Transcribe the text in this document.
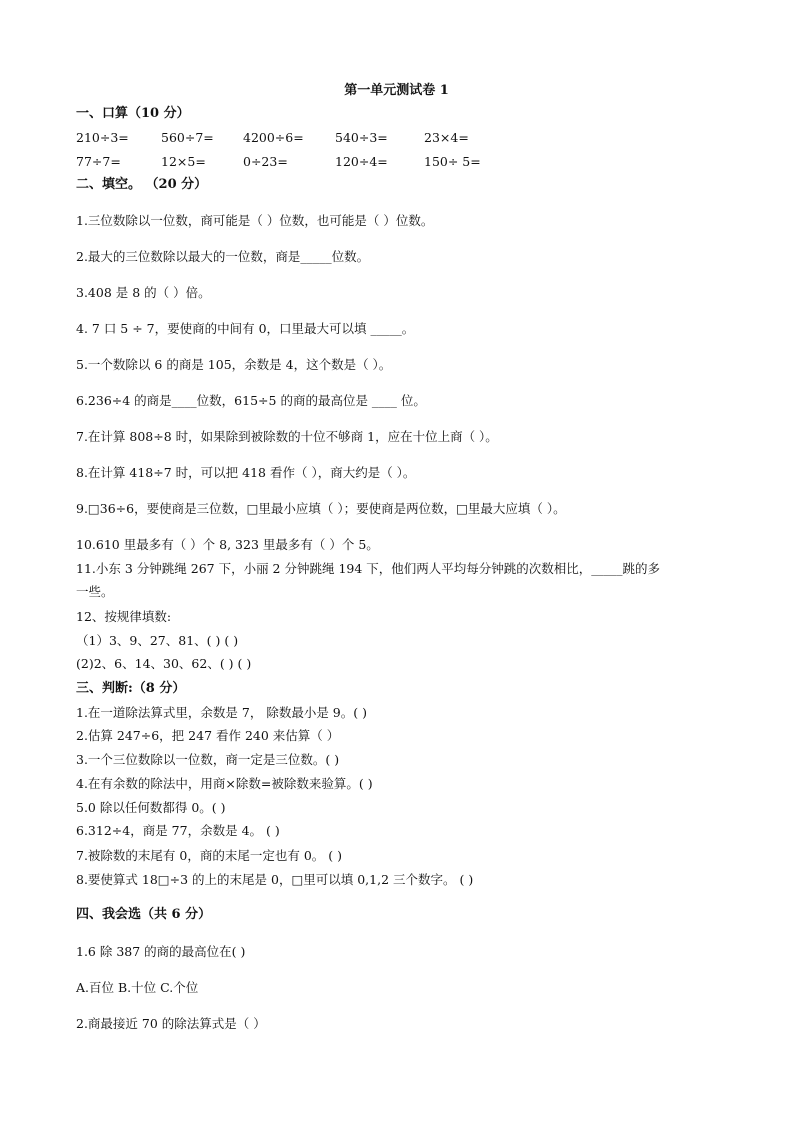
第一单元测试卷 1
一、口算（10 分）
210÷3=	560÷7= 4200÷6=	540÷3=	23×4=
77÷7=	12×5=	0÷23=	120÷4=	150÷ 5=
二、填空。 （20 分）
1.三位数除以一位数，商可能是（ ）位数，也可能是（ ）位数。
2.最大的三位数除以最大的一位数，商是_____位数。
3.408 是 8 的（ ）倍。
4. 7 口 5 ÷ 7，要使商的中间有 0，口里最大可以填 _____。
5.一个数除以 6 的商是 105，余数是 4，这个数是（ ）。
6.236÷4 的商是____位数，615÷5 的商的最高位是 ____ 位。
7.在计算 808÷8 时，如果除到被除数的十位不够商 1，应在十位上商（ ）。
8.在计算 418÷7 时，可以把 418 看作（ ），商大约是（ ）。
9.□36÷6，要使商是三位数，□里最小应填（ ）；要使商是两位数，□里最大应填（ ）。
10.610 里最多有（ ）个 8, 323 里最多有（ ）个 5。
11.小东 3 分钟跳绳 267 下，小丽 2 分钟跳绳 194 下，他们两人平均每分钟跳的次数相比，_____跳的多
一些。
12、按规律填数:
（1）3、9、27、81、( ) ( )
(2)2、6、14、30、62、( ) ( )
三、判断:（8 分）
1.在一道除法算式里，余数是 7， 除数最小是 9。( )
2.估算 247÷6，把 247 看作 240 来估算（ ）
3.一个三位数除以一位数，商一定是三位数。( )
4.在有余数的除法中，用商×除数=被除数来验算。( )
5.0 除以任何数都得 0。( )
6.312÷4，商是 77，余数是 4。 ( )
7.被除数的末尾有 0，商的末尾一定也有 0。 ( )
8.要使算式 18□÷3 的上的末尾是 0，□里可以填 0,1,2 三个数字。 ( )
四、我会选（共 6 分）
1.6 除 387 的商的最高位在( )
A.百位 B.十位 C.个位
2.商最接近 70 的除法算式是（ ）
